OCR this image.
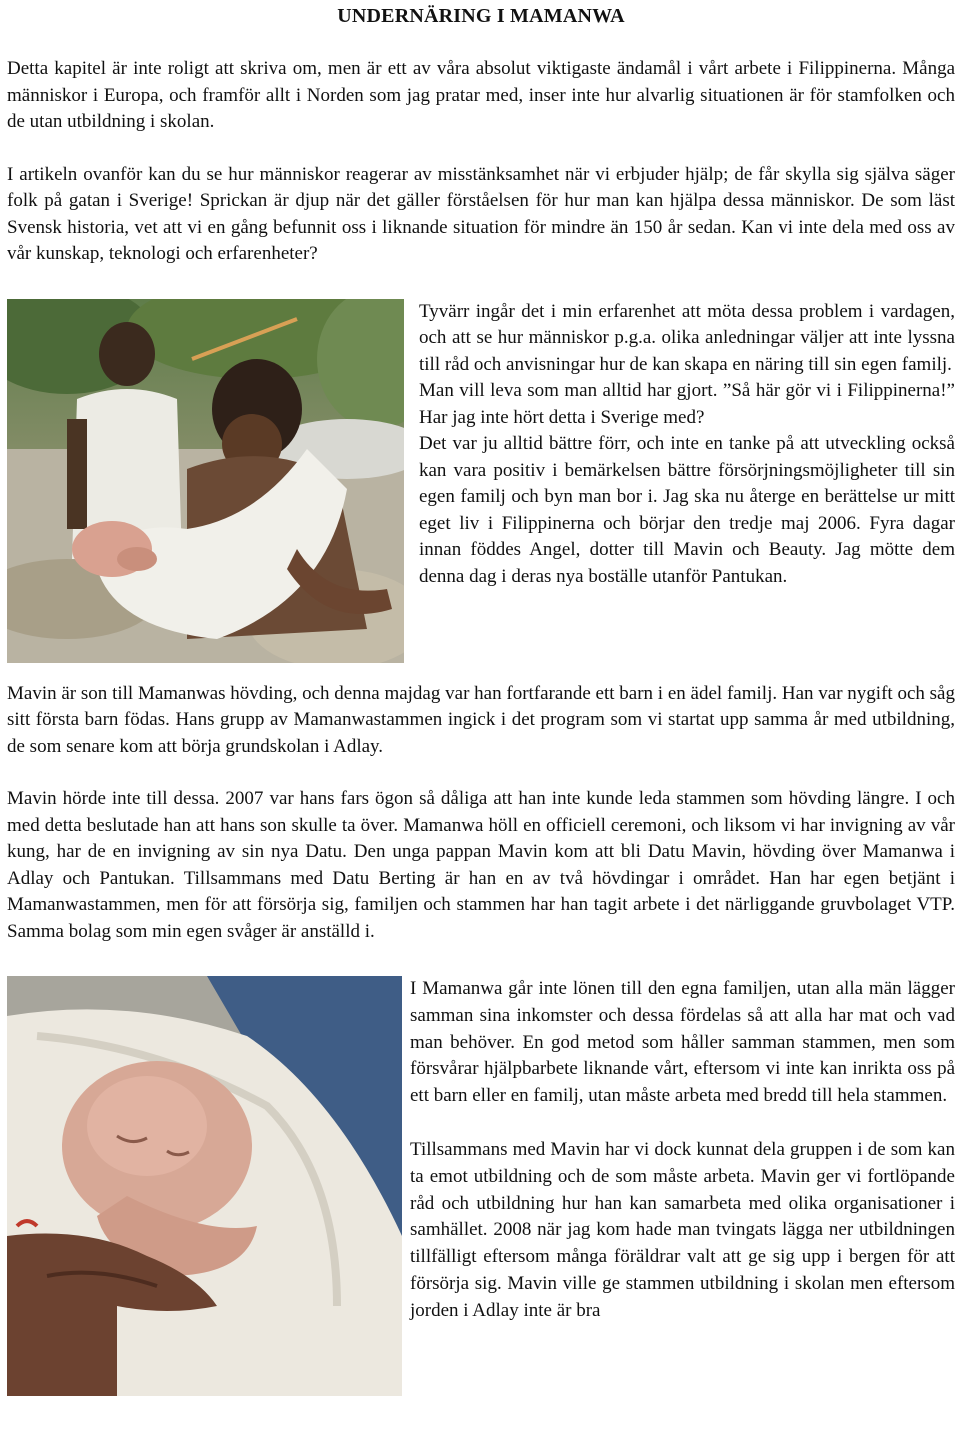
UNDERNÄRING I MAMANWA

Detta kapitel är inte roligt att skriva om, men är ett av våra absolut viktigaste ändamål i vårt arbete i Filippinerna. Många människor i Europa, och framför allt i Norden som jag pratar med, inser inte hur alvarlig situationen är för stamfolken och de utan utbildning i skolan.

I artikeln ovanför kan du se hur människor reagerar av misstänksamhet när vi erbjuder hjälp; de får skylla sig själva säger folk på gatan i Sverige! Sprickan är djup när det gäller förståelsen för hur man kan hjälpa dessa människor. De som läst Svensk historia, vet att vi en gång befunnit oss i liknande situation för mindre än 150 år sedan. Kan vi inte dela med oss av vår kunskap, teknologi och erfarenheter?

Tyvärr ingår det i min erfarenhet att möta dessa problem i vardagen, och att se hur människor p.g.a. olika anledningar väljer att inte lyssna till råd och anvisningar hur de kan skapa en näring till sin egen familj.

Man vill leva som man alltid har gjort. ”Så här gör vi i Filippinerna!” Har jag inte hört detta i Sverige med?

Det var ju alltid bättre förr, och inte en tanke på att utveckling också kan vara positiv i bemärkelsen bättre försörjningsmöjligheter till sin egen familj och byn man bor i. Jag ska nu återge en berättelse ur mitt eget liv i Filippinerna och börjar den tredje maj 2006. Fyra dagar innan föddes Angel, dotter till Mavin och Beauty. Jag mötte dem denna dag i deras nya boställe utanför Pantukan.

Mavin är son till Mamanwas hövding, och denna majdag var han fortfarande ett barn i en ädel familj. Han var nygift och såg sitt första barn födas. Hans grupp av Mamanwastammen ingick i det program som vi startat upp samma år med utbildning, de som senare kom att börja grundskolan i Adlay.

Mavin hörde inte till dessa. 2007 var hans fars ögon så dåliga att han inte kunde leda stammen som hövding längre. I och med detta beslutade han att hans son skulle ta över. Mamanwa höll en officiell ceremoni, och liksom vi har invigning av vår kung, har de en invigning av sin nya Datu. Den unga pappan Mavin kom att bli Datu Mavin, hövding över Mamanwa i Adlay och Pantukan. Tillsammans med Datu Berting är han en av två hövdingar i området. Han har egen betjänt i Mamanwastammen, men för att försörja sig, familjen och stammen har han tagit arbete i det närliggande gruvbolaget VTP. Samma bolag som min egen svåger är anställd i.

I Mamanwa går inte lönen till den egna familjen, utan alla män lägger samman sina inkomster och dessa fördelas så att alla har mat och vad man behöver. En god metod som håller samman stammen, men som försvårar hjälpbarbete liknande vårt, eftersom vi inte kan inrikta oss på ett barn eller en familj, utan måste arbeta med bredd till hela stammen.

Tillsammans med Mavin har vi dock kunnat dela gruppen i de som kan ta emot utbildning och de som måste arbeta. Mavin ger vi fortlöpande råd och utbildning hur han kan samarbeta med olika organisationer i samhället. 2008 när jag kom hade man tvingats lägga ner utbildningen tillfälligt eftersom många föräldrar valt att ge sig upp i bergen för att försörja sig. Mavin ville ge stammen utbildning i skolan men eftersom jorden i Adlay inte är bra
